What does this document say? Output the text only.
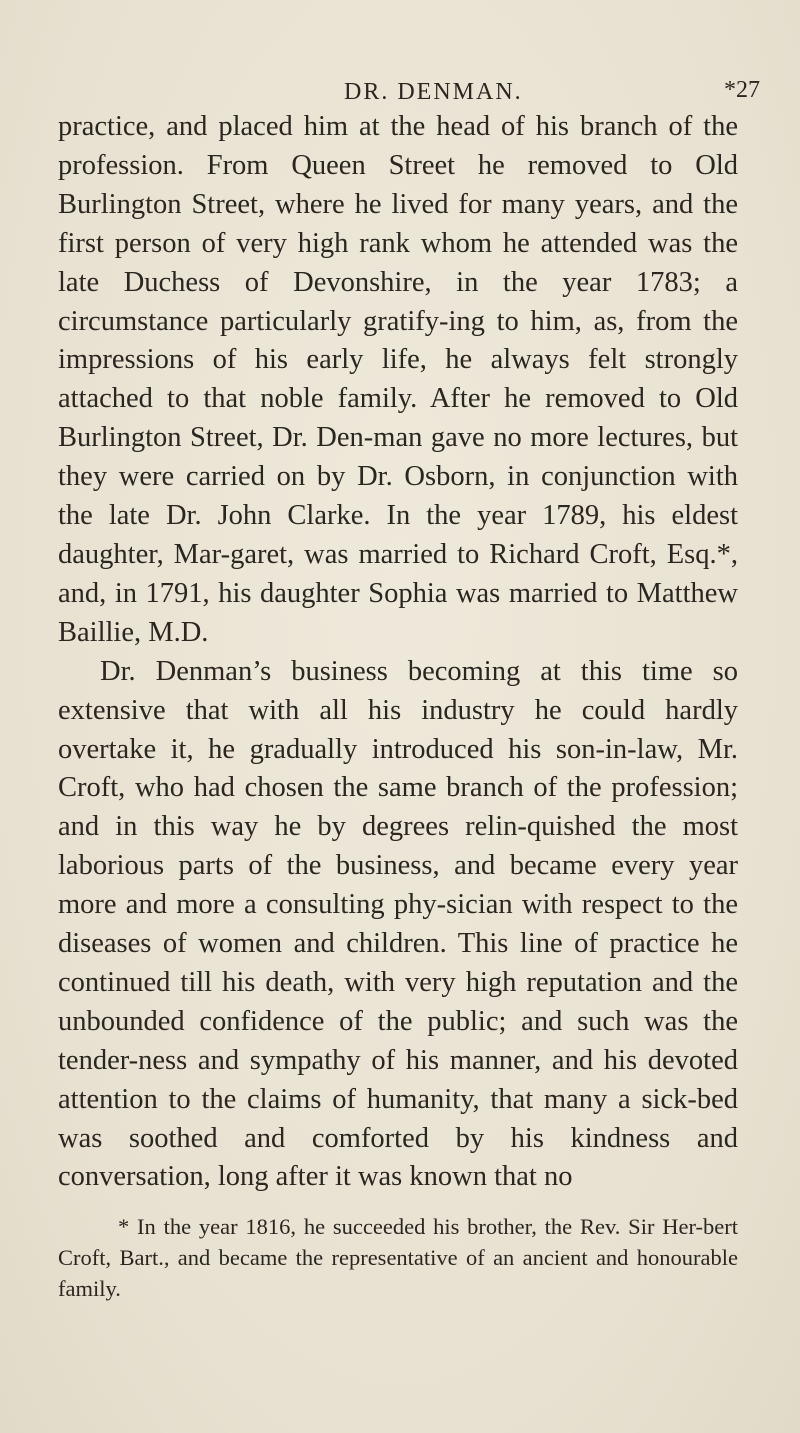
DR. DENMAN.	*27

practice, and placed him at the head of his branch of the profession. From Queen Street he removed to Old Burlington Street, where he lived for many years, and the first person of very high rank whom he attended was the late Duchess of Devonshire, in the year 1783; a circumstance particularly gratify-ing to him, as, from the impressions of his early life, he always felt strongly attached to that noble family. After he removed to Old Burlington Street, Dr. Den-man gave no more lectures, but they were carried on by Dr. Osborn, in conjunction with the late Dr. John Clarke. In the year 1789, his eldest daughter, Mar-garet, was married to Richard Croft, Esq.*, and, in 1791, his daughter Sophia was married to Matthew Baillie, M.D.

Dr. Denman’s business becoming at this time so extensive that with all his industry he could hardly overtake it, he gradually introduced his son-in-law, Mr. Croft, who had chosen the same branch of the profession; and in this way he by degrees relin-quished the most laborious parts of the business, and became every year more and more a consulting phy-sician with respect to the diseases of women and children. This line of practice he continued till his death, with very high reputation and the unbounded confidence of the public; and such was the tender-ness and sympathy of his manner, and his devoted attention to the claims of humanity, that many a sick-bed was soothed and comforted by his kindness and conversation, long after it was known that no

* In the year 1816, he succeeded his brother, the Rev. Sir Her-bert Croft, Bart., and became the representative of an ancient and honourable family.
